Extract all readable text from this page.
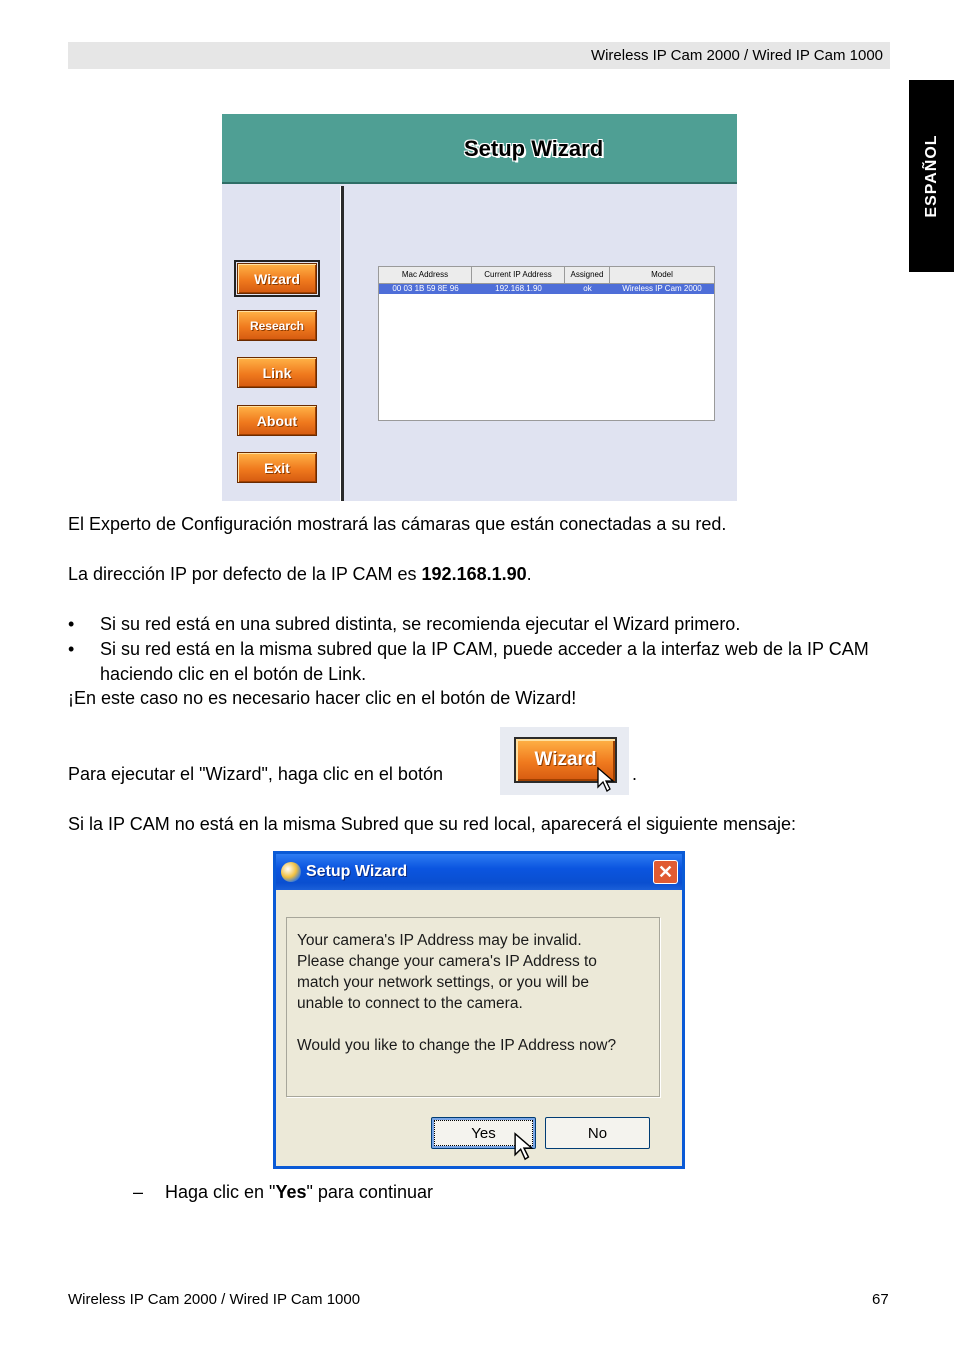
Wireless IP Cam 2000 / Wired IP Cam 1000
ESPAÑOL
Setup Wizard
Wizard
Research
Link
About
Exit
Mac Address	Current IP Address	Assigned	Model
00 03 1B 59 8E 96	192.168.1.90	ok	Wireless IP Cam 2000
El Experto de Configuración mostrará las cámaras que están conectadas a su red.
La dirección IP por defecto de la IP CAM es 192.168.1.90.
• Si su red está en una subred distinta, se recomienda ejecutar el Wizard primero.
• Si su red está en la misma subred que la IP CAM, puede acceder a la interfaz web de la IP CAM haciendo clic en el botón de Link.
¡En este caso no es necesario hacer clic en el botón de Wizard!
Para ejecutar el "Wizard", haga clic en el botón
Wizard
.
Si la IP CAM no está en la misma Subred que su red local, aparecerá el siguiente mensaje:
Setup Wizard	✕
Your camera's IP Address may be invalid.
Please change your camera's IP Address to
match your network settings, or you will be
unable to connect to the camera.
Would you like to change the IP Address now?
Yes	No
– Haga clic en "Yes" para continuar
Wireless IP Cam 2000 / Wired IP Cam 1000	67
